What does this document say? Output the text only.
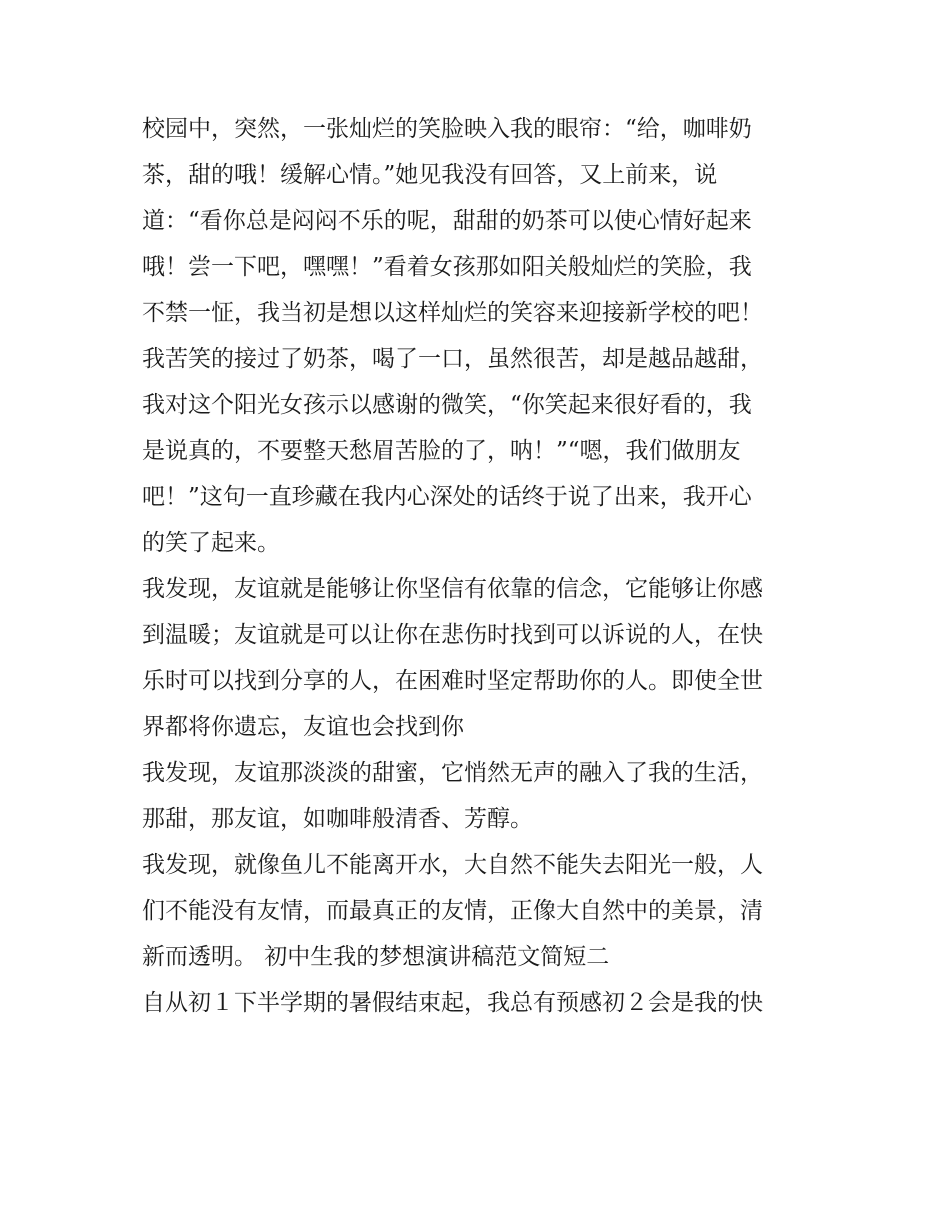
校园中，突然，一张灿烂的笑脸映入我的眼帘：“给，咖啡奶
茶，甜的哦！缓解心情。”她见我没有回答，又上前来，说
道：“看你总是闷闷不乐的呢，甜甜的奶茶可以使心情好起来
哦！尝一下吧，嘿嘿！”看着女孩那如阳关般灿烂的笑脸，我
不禁一怔，我当初是想以这样灿烂的笑容来迎接新学校的吧！
我苦笑的接过了奶茶，喝了一口，虽然很苦，却是越品越甜，
我对这个阳光女孩示以感谢的微笑，“你笑起来很好看的，我
是说真的，不要整天愁眉苦脸的了，呐！”“嗯，我们做朋友
吧！”这句一直珍藏在我内心深处的话终于说了出来，我开心
的笑了起来。
我发现，友谊就是能够让你坚信有依靠的信念，它能够让你感
到温暖；友谊就是可以让你在悲伤时找到可以诉说的人，在快
乐时可以找到分享的人，在困难时坚定帮助你的人。即使全世
界都将你遗忘，友谊也会找到你
我发现，友谊那淡淡的甜蜜，它悄然无声的融入了我的生活，
那甜，那友谊，如咖啡般清香、芳醇。
我发现，就像鱼儿不能离开水，大自然不能失去阳光一般，人
们不能没有友情，而最真正的友情，正像大自然中的美景，清
新而透明。 初中生我的梦想演讲稿范文简短二
自从初１下半学期的暑假结束起，我总有预感初２会是我的快
